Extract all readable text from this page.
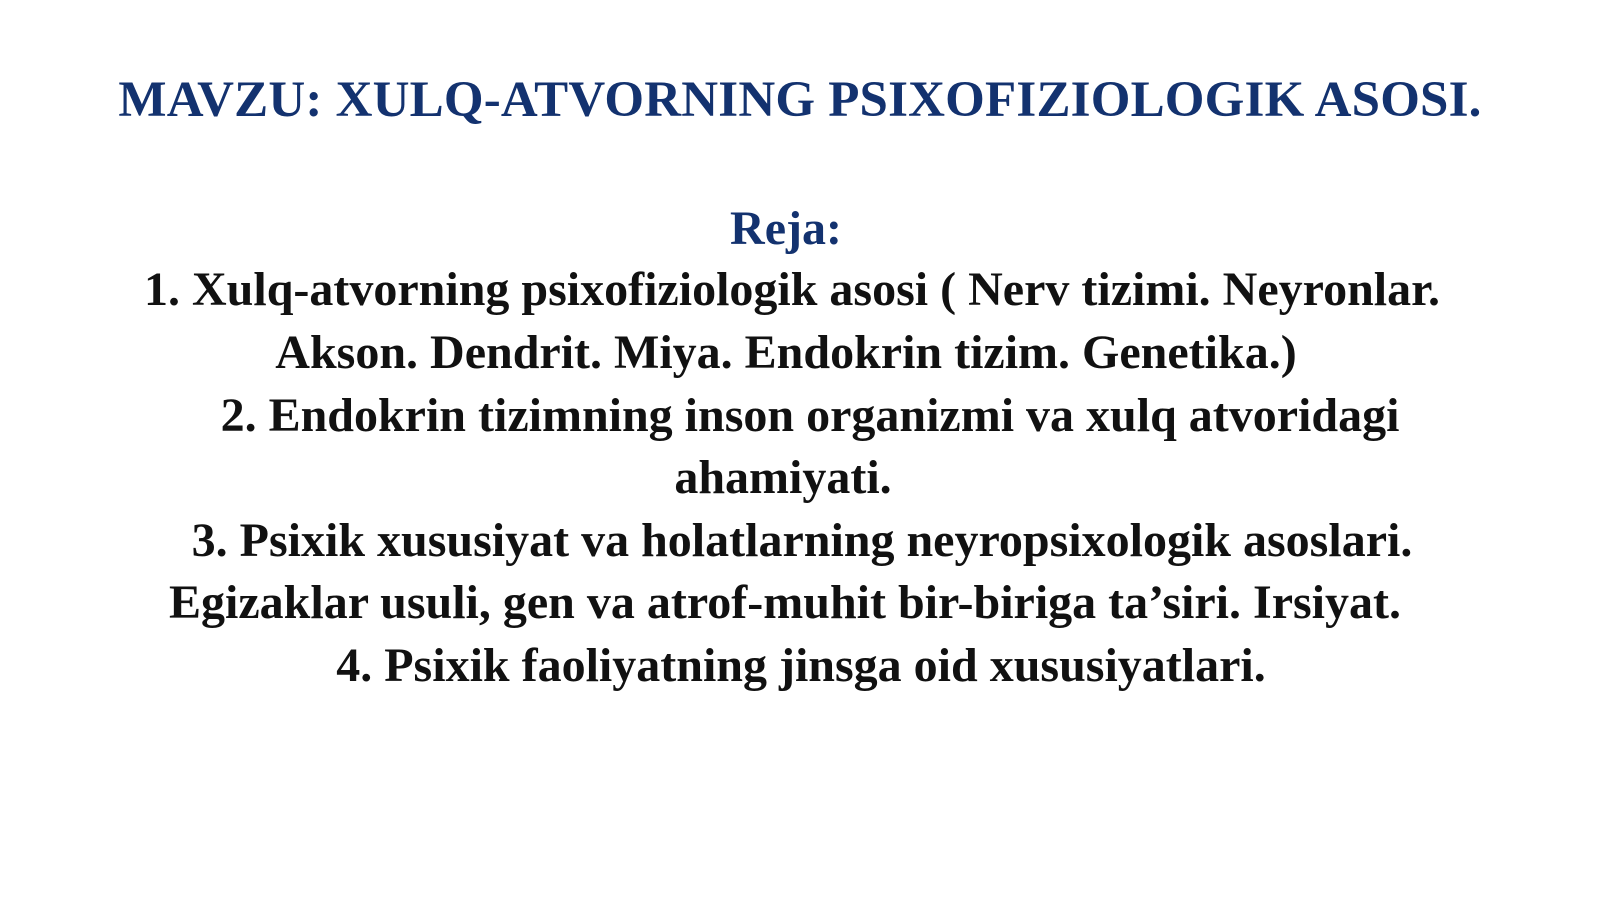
MAVZU: XULQ-ATVORNING PSIXOFIZIOLOGIK ASOSI.
Reja:
1. Xulq-atvorning psixofiziologik asosi ( Nerv tizimi. Neyronlar.
Akson. Dendrit. Miya. Endokrin tizim. Genetika.)
2. Endokrin tizimning inson organizmi va xulq atvoridagi
ahamiyati.
3. Psixik xususiyat va holatlarning neyropsixologik asoslari.
Egizaklar usuli, gen va atrof-muhit bir-biriga ta’siri. Irsiyat.
4. Psixik faoliyatning jinsga oid xususiyatlari.
